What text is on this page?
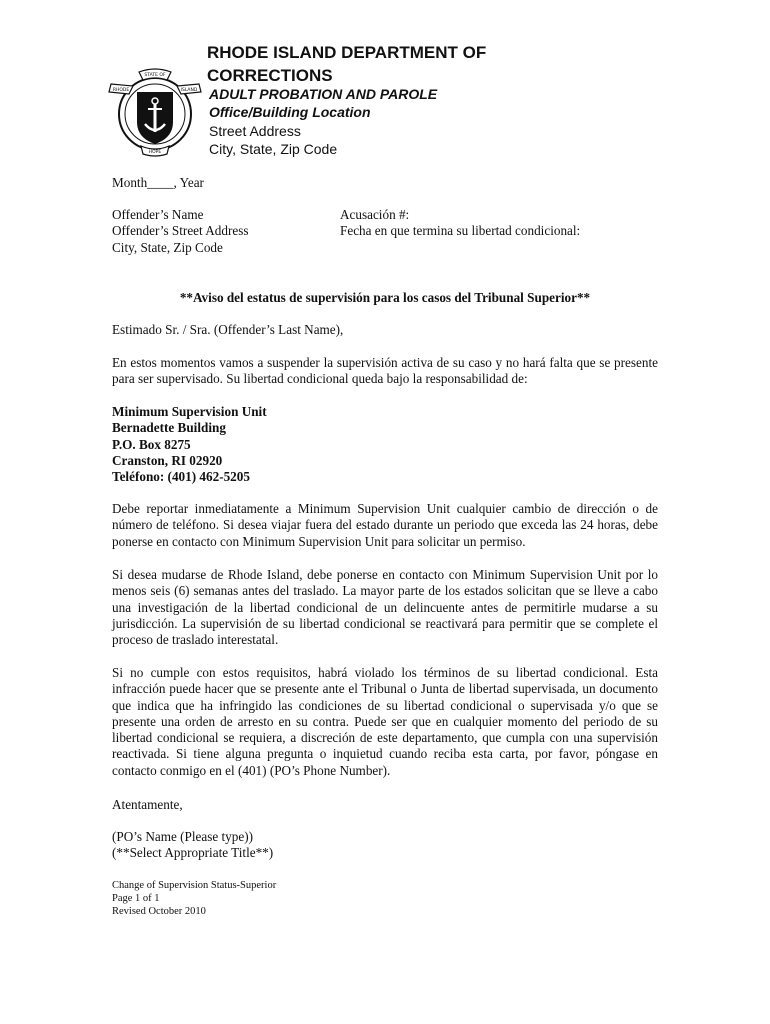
STATE OF
RHODE	ISLAND
HOPE
RHODE ISLAND DEPARTMENT OF
CORRECTIONS
ADULT PROBATION AND PAROLE
Office/Building Location
Street Address
City, State, Zip Code
Month____, Year
Offender’s Name
Offender’s Street Address
City, State, Zip Code
Acusación #:
Fecha en que termina su libertad condicional:
**Aviso del estatus de supervisión para los casos del Tribunal Superior**
Estimado Sr. / Sra. (Offender’s Last Name),
En estos momentos vamos a suspender la supervisión activa de su caso y no hará falta que se presente para ser supervisado. Su libertad condicional queda bajo la responsabilidad de:
Minimum Supervision Unit
Bernadette Building
P.O. Box 8275
Cranston, RI 02920
Teléfono: (401) 462-5205
Debe reportar inmediatamente a Minimum Supervision Unit cualquier cambio de dirección o de número de teléfono. Si desea viajar fuera del estado durante un periodo que exceda las 24 horas, debe ponerse en contacto con Minimum Supervision Unit para solicitar un permiso.
Si desea mudarse de Rhode Island, debe ponerse en contacto con Minimum Supervision Unit por lo menos seis (6) semanas antes del traslado. La mayor parte de los estados solicitan que se lleve a cabo una investigación de la libertad condicional de un delincuente antes de permitirle mudarse a su jurisdicción. La supervisión de su libertad condicional se reactivará para permitir que se complete el proceso de traslado interestatal.
Si no cumple con estos requisitos, habrá violado los términos de su libertad condicional. Esta infracción puede hacer que se presente ante el Tribunal o Junta de libertad supervisada, un documento que indica que ha infringido las condiciones de su libertad condicional o supervisada y/o que se presente una orden de arresto en su contra. Puede ser que en cualquier momento del periodo de su libertad condicional se requiera, a discreción de este departamento, que cumpla con una supervisión reactivada. Si tiene alguna pregunta o inquietud cuando reciba esta carta, por favor, póngase en contacto conmigo en el (401) (PO’s Phone Number).
Atentamente,
(PO’s Name (Please type))
(**Select Appropriate Title**)
Change of Supervision Status-Superior
Page 1 of 1
Revised October 2010
